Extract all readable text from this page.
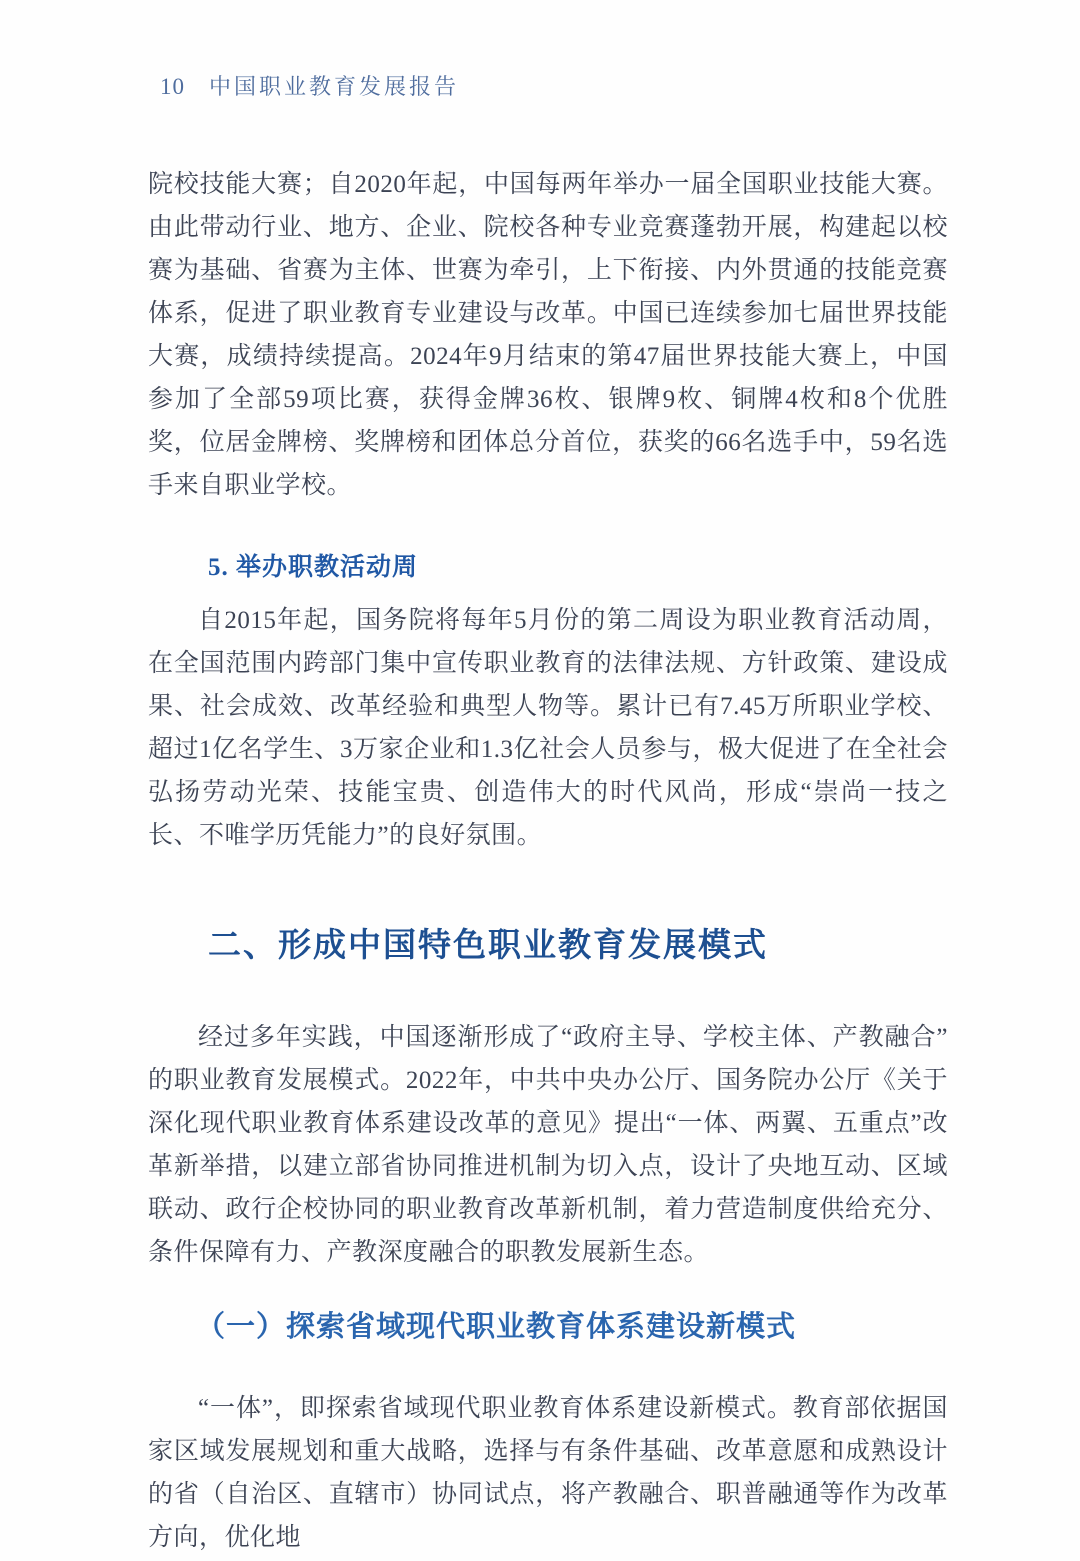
10 中国职业教育发展报告

院校技能大赛；自2020年起，中国每两年举办一届全国职业技能大赛。由此带动行业、地方、企业、院校各种专业竞赛蓬勃开展，构建起以校赛为基础、省赛为主体、世赛为牵引，上下衔接、内外贯通的技能竞赛体系，促进了职业教育专业建设与改革。中国已连续参加七届世界技能大赛，成绩持续提高。2024年9月结束的第47届世界技能大赛上，中国参加了全部59项比赛，获得金牌36枚、银牌9枚、铜牌4枚和8个优胜奖，位居金牌榜、奖牌榜和团体总分首位，获奖的66名选手中，59名选手来自职业学校。

5. 举办职教活动周

自2015年起，国务院将每年5月份的第二周设为职业教育活动周，在全国范围内跨部门集中宣传职业教育的法律法规、方针政策、建设成果、社会成效、改革经验和典型人物等。累计已有7.45万所职业学校、超过1亿名学生、3万家企业和1.3亿社会人员参与，极大促进了在全社会弘扬劳动光荣、技能宝贵、创造伟大的时代风尚，形成“崇尚一技之长、不唯学历凭能力”的良好氛围。

二、形成中国特色职业教育发展模式

经过多年实践，中国逐渐形成了“政府主导、学校主体、产教融合”的职业教育发展模式。2022年，中共中央办公厅、国务院办公厅《关于深化现代职业教育体系建设改革的意见》提出“一体、两翼、五重点”改革新举措，以建立部省协同推进机制为切入点，设计了央地互动、区域联动、政行企校协同的职业教育改革新机制，着力营造制度供给充分、条件保障有力、产教深度融合的职教发展新生态。

（一）探索省域现代职业教育体系建设新模式

“一体”，即探索省域现代职业教育体系建设新模式。教育部依据国家区域发展规划和重大战略，选择与有条件基础、改革意愿和成熟设计的省（自治区、直辖市）协同试点，将产教融合、职普融通等作为改革方向，优化地
